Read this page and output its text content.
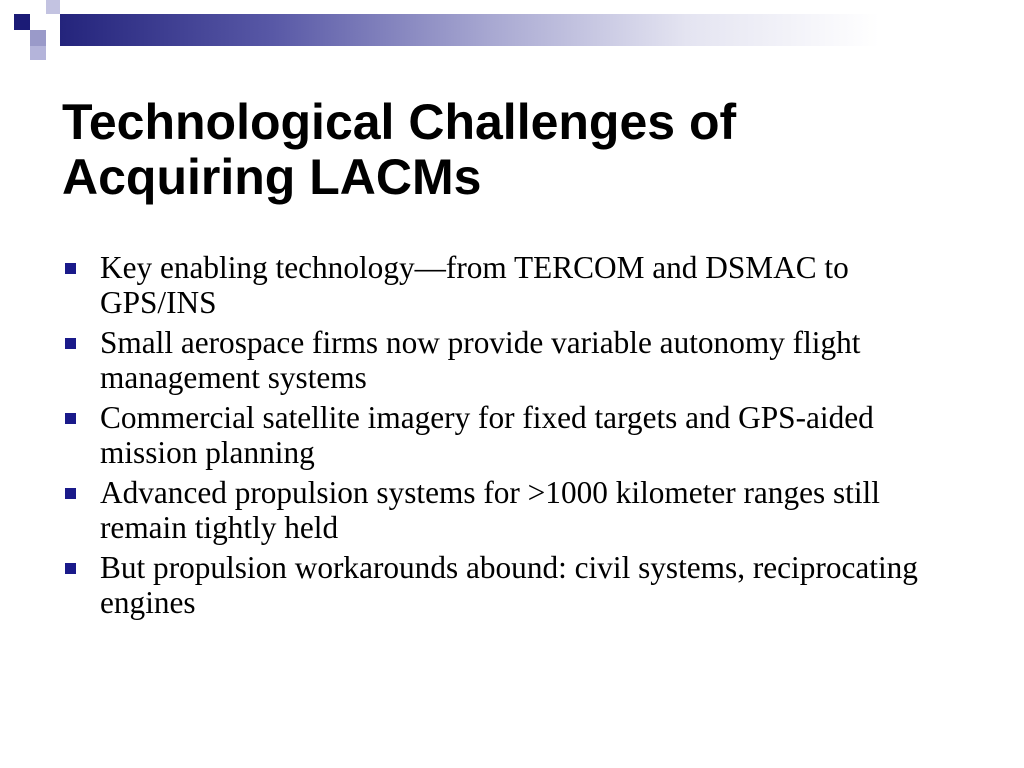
Technological Challenges of Acquiring LACMs
Key enabling technology—from TERCOM and DSMAC to GPS/INS
Small aerospace firms now provide variable autonomy flight management systems
Commercial satellite imagery for fixed targets and GPS-aided mission planning
Advanced propulsion systems for >1000 kilometer ranges still remain tightly held
But propulsion workarounds abound: civil systems, reciprocating engines
